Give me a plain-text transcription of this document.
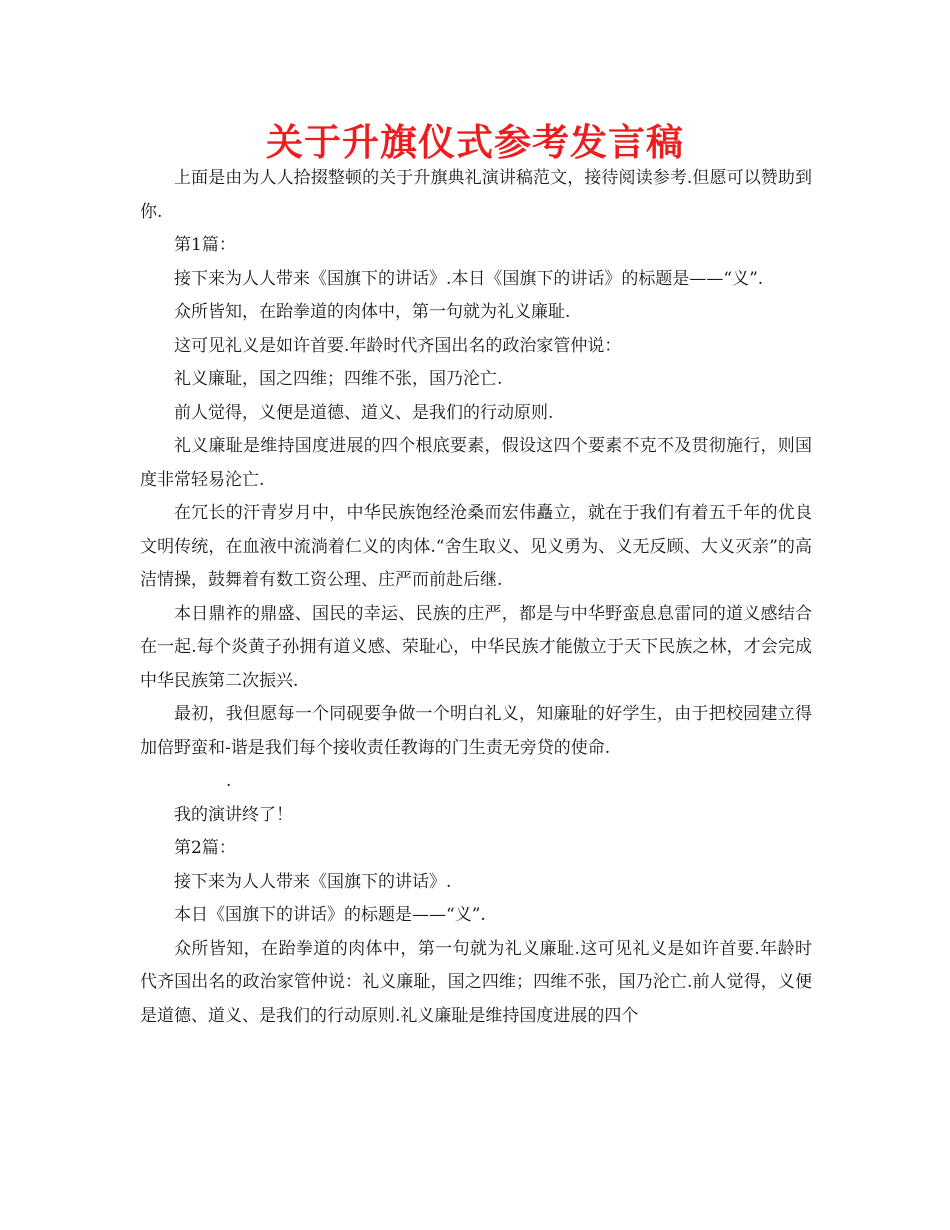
关于升旗仪式参考发言稿

上面是由为人人拾掇整顿的关于升旗典礼演讲稿范文，接待阅读参考.但愿可以赞助到你.

第1篇：

接下来为人人带来《国旗下的讲话》.本日《国旗下的讲话》的标题是——“义”.

众所皆知，在跆拳道的肉体中，第一句就为礼义廉耻.

这可见礼义是如许首要.年龄时代齐国出名的政治家管仲说：

礼义廉耻，国之四维；四维不张，国乃沦亡.

前人觉得，义便是道德、道义、是我们的行动原则.

礼义廉耻是维持国度进展的四个根底要素，假设这四个要素不克不及贯彻施行，则国度非常轻易沦亡.

在冗长的汗青岁月中，中华民族饱经沧桑而宏伟矗立，就在于我们有着五千年的优良文明传统，在血液中流淌着仁义的肉体.“舍生取义、见义勇为、义无反顾、大义灭亲”的高洁情操，鼓舞着有数工资公理、庄严而前赴后继.

本日鼎祚的鼎盛、国民的幸运、民族的庄严，都是与中华野蛮息息雷同的道义感结合在一起.每个炎黄子孙拥有道义感、荣耻心，中华民族才能傲立于天下民族之林，才会完成中华民族第二次振兴.

最初，我但愿每一个同砚要争做一个明白礼义，知廉耻的好学生，由于把校园建立得加倍野蛮和-谐是我们每个接收责任教诲的门生责无旁贷的使命.

.

我的演讲终了！

第2篇：

接下来为人人带来《国旗下的讲话》.

本日《国旗下的讲话》的标题是——“义”.

众所皆知，在跆拳道的肉体中，第一句就为礼义廉耻.这可见礼义是如许首要.年龄时代齐国出名的政治家管仲说：礼义廉耻，国之四维；四维不张，国乃沦亡.前人觉得，义便是道德、道义、是我们的行动原则.礼义廉耻是维持国度进展的四个
